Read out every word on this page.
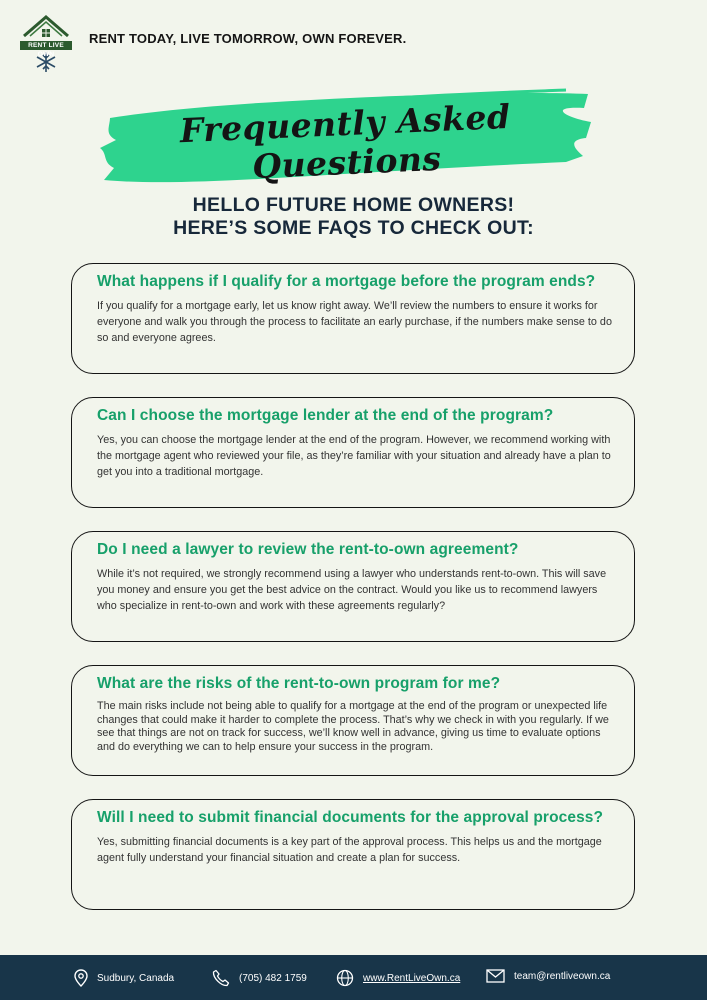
RENT LIVE OWN
RENT TODAY, LIVE TOMORROW, OWN FOREVER.
Frequently Asked Questions
HELLO FUTURE HOME OWNERS!
HERE’S SOME FAQS TO CHECK OUT:
What happens if I qualify for a mortgage before the program ends?
If you qualify for a mortgage early, let us know right away. We’ll review the numbers to ensure it works for everyone and walk you through the process to facilitate an early purchase, if the numbers make sense to do so and everyone agrees.
Can I choose the mortgage lender at the end of the program?
Yes, you can choose the mortgage lender at the end of the program. However, we recommend working with the mortgage agent who reviewed your file, as they’re familiar with your situation and already have a plan to get you into a traditional mortgage.
Do I need a lawyer to review the rent-to-own agreement?
While it’s not required, we strongly recommend using a lawyer who understands rent-to-own. This will save you money and ensure you get the best advice on the contract. Would you like us to recommend lawyers who specialize in rent-to-own and work with these agreements regularly?
What are the risks of the rent-to-own program for me?
The main risks include not being able to qualify for a mortgage at the end of the program or unexpected life changes that could make it harder to complete the process. That’s why we check in with you regularly. If we see that things are not on track for success, we’ll know well in advance, giving us time to evaluate options and do everything we can to help ensure your success in the program.
Will I need to submit financial documents for the approval process?
Yes, submitting financial documents is a key part of the approval process. This helps us and the mortgage agent fully understand your financial situation and create a plan for success.
Sudbury, Canada	(705) 482 1759	www.RentLiveOwn.ca	team@rentliveown.ca
